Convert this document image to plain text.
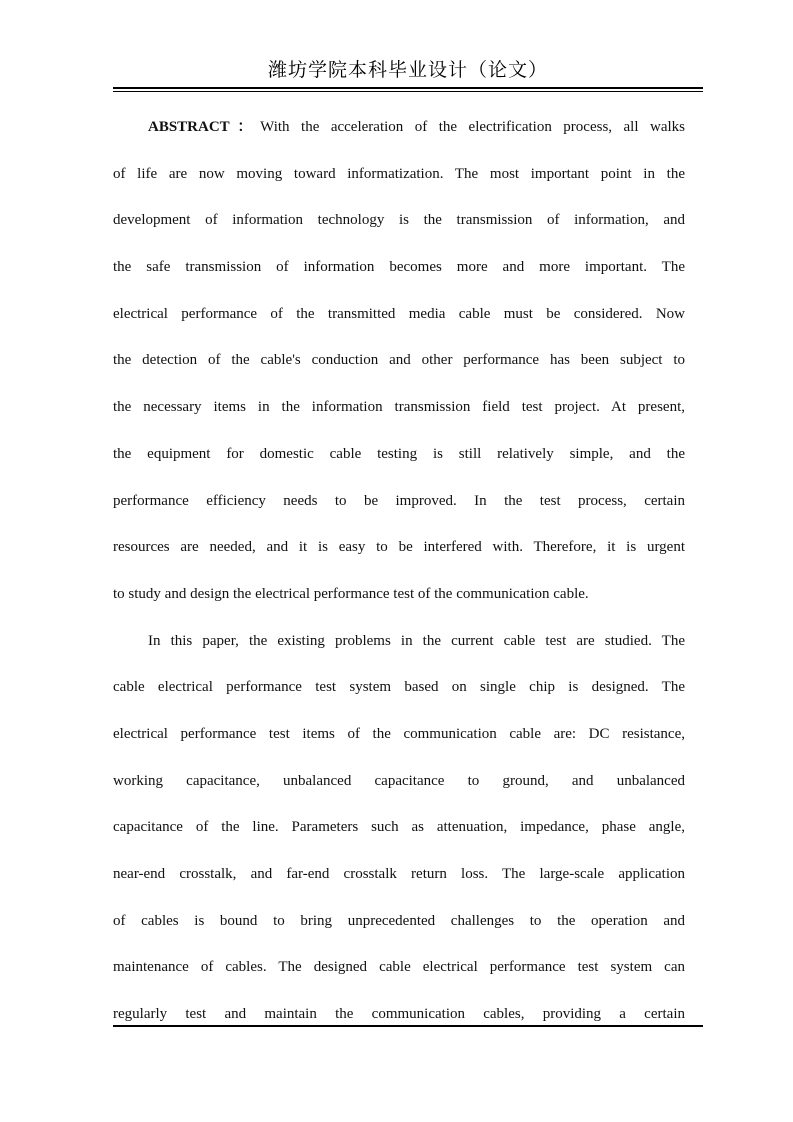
潍坊学院本科毕业设计（论文）
ABSTRACT：With the acceleration of the electrification process, all walks
of life are now moving toward informatization. The most important point in the
development of information technology is the transmission of information, and
the safe transmission of information becomes more and more important. The
electrical performance of the transmitted media cable must be considered. Now
the detection of the cable's conduction and other performance has been subject to
the necessary items in the information transmission field test project. At present,
the equipment for domestic cable testing is still relatively simple, and the
performance efficiency needs to be improved. In the test process, certain
resources are needed, and it is easy to be interfered with. Therefore, it is urgent
to study and design the electrical performance test of the communication cable.
In this paper, the existing problems in the current cable test are studied. The
cable electrical performance test system based on single chip is designed. The
electrical performance test items of the communication cable are: DC resistance,
working capacitance, unbalanced capacitance to ground, and unbalanced
capacitance of the line. Parameters such as attenuation, impedance, phase angle,
near-end crosstalk, and far-end crosstalk return loss. The large-scale application
of cables is bound to bring unprecedented challenges to the operation and
maintenance of cables. The designed cable electrical performance test system can
regularly test and maintain the communication cables, providing a certain
